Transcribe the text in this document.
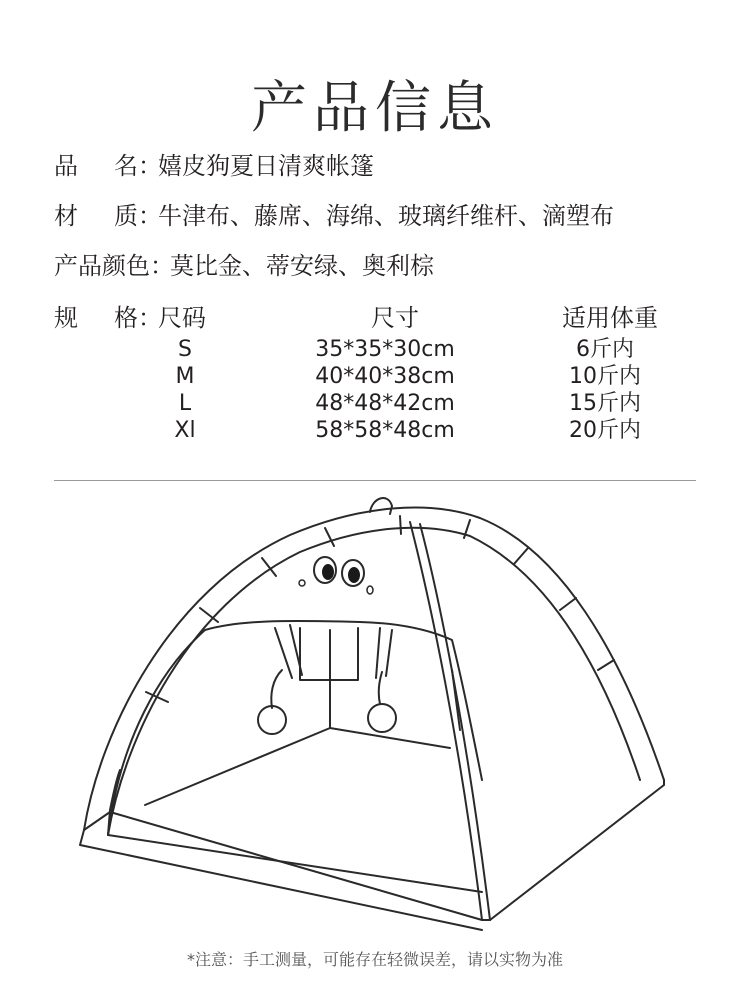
产品信息
品 名 ：嬉皮狗夏日清爽帐篷
材 质 ：牛津布、藤席、海绵、玻璃纤维杆、滴塑布
产品颜色：莫比金、蒂安绿、奥利棕
规 格 ：尺码	尺寸	适用体重
S	35*35*30cm	6斤内
M	40*40*38cm	10斤内
L	48*48*42cm	15斤内
Xl	58*58*48cm	20斤内
*注意：手工测量，可能存在轻微误差，请以实物为准
